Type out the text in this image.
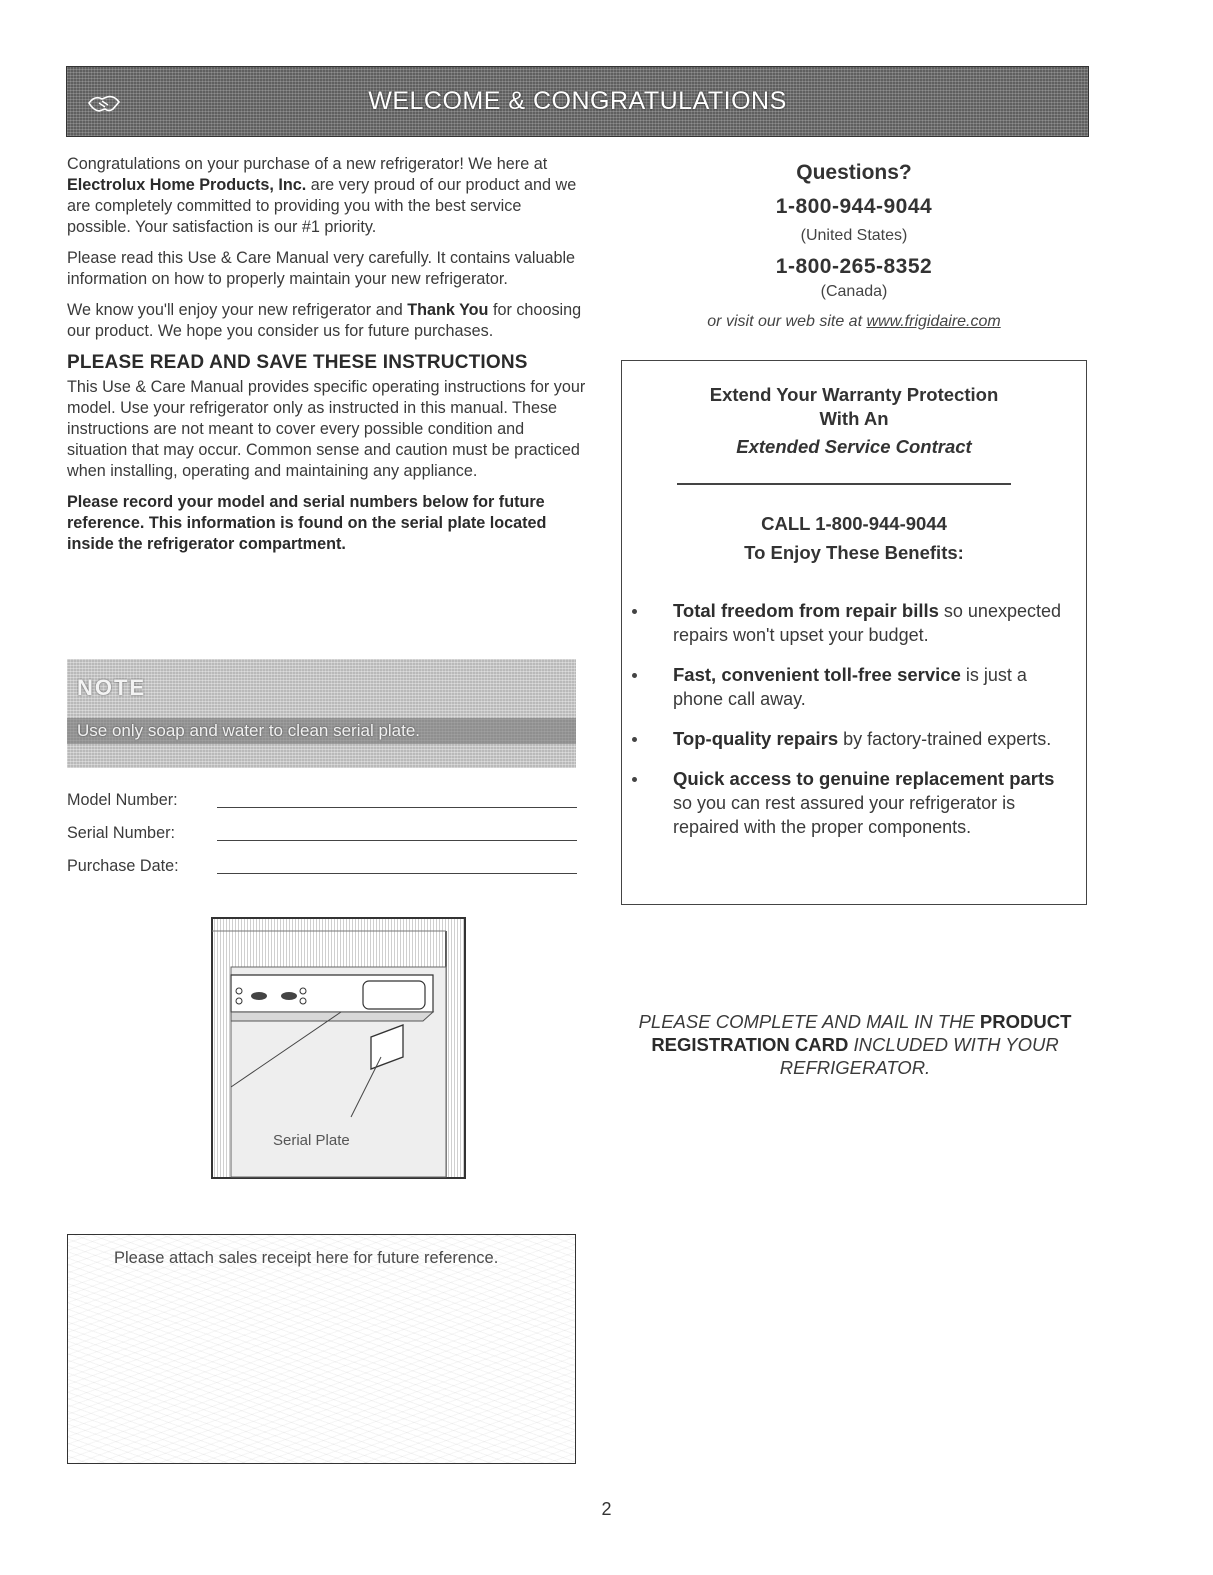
WELCOME & CONGRATULATIONS

Congratulations on your purchase of a new refrigerator! We here at Electrolux Home Products, Inc. are very proud of our product and we are completely committed to providing you with the best service possible. Your satisfaction is our #1 priority.

Please read this Use & Care Manual very carefully. It contains valuable information on how to properly maintain your new refrigerator.

We know you'll enjoy your new refrigerator and Thank You for choosing our product. We hope you consider us for future purchases.

PLEASE READ AND SAVE THESE INSTRUCTIONS

This Use & Care Manual provides specific operating instructions for your model. Use your refrigerator only as instructed in this manual. These instructions are not meant to cover every possible condition and situation that may occur. Common sense and caution must be practiced when installing, operating and maintaining any appliance.

Please record your model and serial numbers below for future reference. This information is found on the serial plate located inside the refrigerator compartment.

NOTE
Use only soap and water to clean serial plate.
Model Number:
Serial Number:
Purchase Date:
Serial Plate
Please attach sales receipt here for future reference.
2
Questions?
1-800-944-9044
(United States)
1-800-265-8352
(Canada)
or visit our web site at www.frigidaire.com
Extend Your Warranty Protection
With An
Extended Service Contract
CALL 1-800-944-9044
To Enjoy These Benefits:
Total freedom from repair bills so unexpected repairs won't upset your budget.
Fast, convenient toll-free service is just a phone call away.
Top-quality repairs by factory-trained experts.
Quick access to genuine replacement parts so you can rest assured your refrigerator is repaired with the proper components.
PLEASE COMPLETE AND MAIL IN THE PRODUCT REGISTRATION CARD INCLUDED WITH YOUR REFRIGERATOR.
